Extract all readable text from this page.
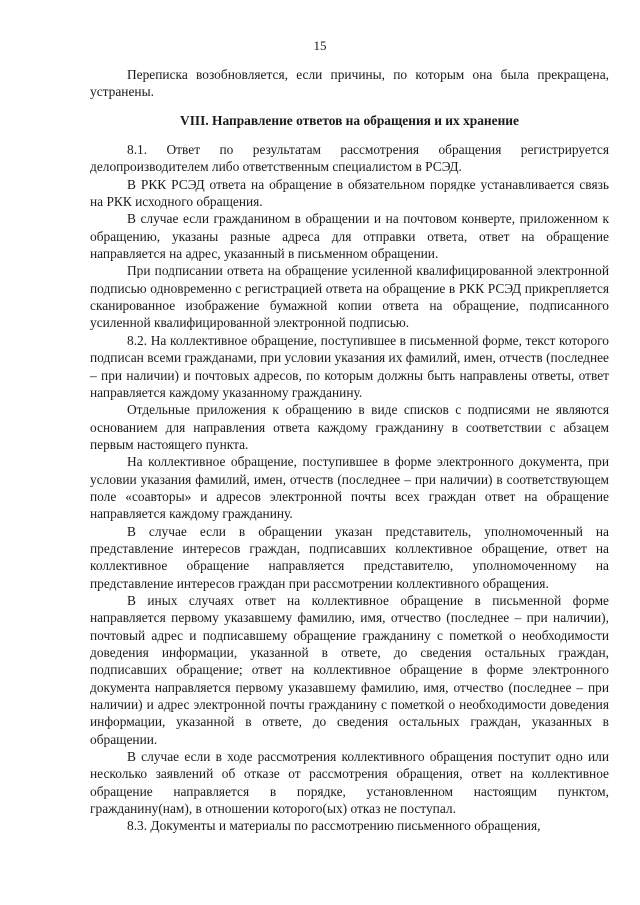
15

Переписка возобновляется, если причины, по которым она была прекращена, устранены.

VIII. Направление ответов на обращения и их хранение

8.1. Ответ по результатам рассмотрения обращения регистрируется делопроизводителем либо ответственным специалистом в РСЭД.

В РКК РСЭД ответа на обращение в обязательном порядке устанавливается связь на РКК исходного обращения.

В случае если гражданином в обращении и на почтовом конверте, приложенном к обращению, указаны разные адреса для отправки ответа, ответ на обращение направляется на адрес, указанный в письменном обращении.

При подписании ответа на обращение усиленной квалифицированной электронной подписью одновременно с регистрацией ответа на обращение в РКК РСЭД прикрепляется сканированное изображение бумажной копии ответа на обращение, подписанного усиленной квалифицированной электронной подписью.

8.2. На коллективное обращение, поступившее в письменной форме, текст которого подписан всеми гражданами, при условии указания их фамилий, имен, отчеств (последнее – при наличии) и почтовых адресов, по которым должны быть направлены ответы, ответ направляется каждому указанному гражданину.

Отдельные приложения к обращению в виде списков с подписями не являются основанием для направления ответа каждому гражданину в соответствии с абзацем первым настоящего пункта.

На коллективное обращение, поступившее в форме электронного документа, при условии указания фамилий, имен, отчеств (последнее – при наличии) в соответствующем поле «соавторы» и адресов электронной почты всех граждан ответ на обращение направляется каждому гражданину.

В случае если в обращении указан представитель, уполномоченный на представление интересов граждан, подписавших коллективное обращение, ответ на коллективное обращение направляется представителю, уполномоченному на представление интересов граждан при рассмотрении коллективного обращения.

В иных случаях ответ на коллективное обращение в письменной форме направляется первому указавшему фамилию, имя, отчество (последнее – при наличии), почтовый адрес и подписавшему обращение гражданину с пометкой о необходимости доведения информации, указанной в ответе, до сведения остальных граждан, подписавших обращение; ответ на коллективное обращение в форме электронного документа направляется первому указавшему фамилию, имя, отчество (последнее – при наличии) и адрес электронной почты гражданину с пометкой о необходимости доведения информации, указанной в ответе, до сведения остальных граждан, указанных в обращении.

В случае если в ходе рассмотрения коллективного обращения поступит одно или несколько заявлений об отказе от рассмотрения обращения, ответ на коллективное обращение направляется в порядке, установленном настоящим пунктом, гражданину(нам), в отношении которого(ых) отказ не поступал.

8.3. Документы и материалы по рассмотрению письменного обращения,
